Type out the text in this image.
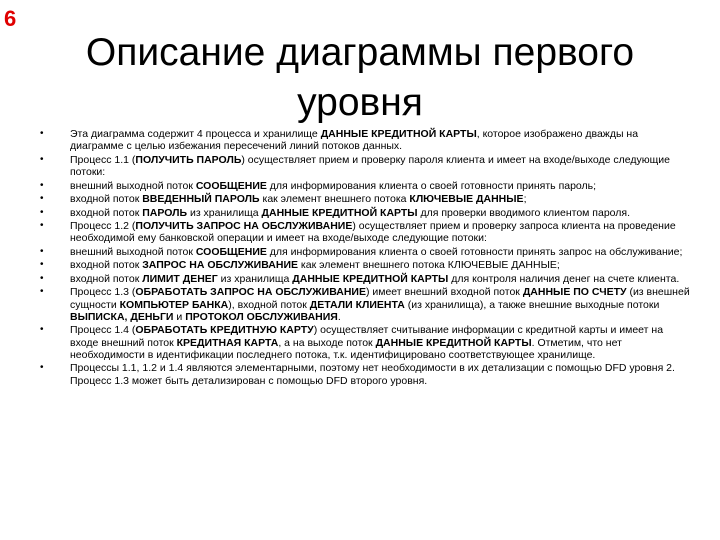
6
Описание диаграммы первого уровня
• Эта диаграмма содержит 4 процесса и хранилище ДАННЫЕ КРЕДИТНОЙ КАРТЫ, которое изображено дважды на диаграмме с целью избежания пересечений линий потоков данных.
• Процесс 1.1 (ПОЛУЧИТЬ ПАРОЛЬ) осуществляет прием и проверку пароля клиента и имеет на входе/выходе следующие потоки:
• внешний выходной поток СООБЩЕНИЕ для информирования клиента о своей готовности принять пароль;
• входной поток ВВЕДЕННЫЙ ПАРОЛЬ как элемент внешнего потока КЛЮЧЕВЫЕ ДАННЫЕ;
• входной поток ПАРОЛЬ из хранилища ДАННЫЕ КРЕДИТНОЙ КАРТЫ для проверки вводимого клиентом пароля.
• Процесс 1.2 (ПОЛУЧИТЬ ЗАПРОС НА ОБСЛУЖИВАНИЕ) осуществляет прием и проверку запроса клиента на проведение необходимой ему банковской операции и имеет на входе/выходе следующие потоки:
• внешний выходной поток СООБЩЕНИЕ для информирования клиента о своей готовности принять запрос на обслуживание;
• входной поток ЗАПРОС НА ОБСЛУЖИВАНИЕ как элемент внешнего потока КЛЮЧЕВЫЕ ДАННЫЕ;
• входной поток ЛИМИТ ДЕНЕГ из хранилища ДАННЫЕ КРЕДИТНОЙ КАРТЫ для контроля наличия денег на счете клиента.
• Процесс 1.3 (ОБРАБОТАТЬ ЗАПРОС НА ОБСЛУЖИВАНИЕ) имеет внешний входной поток ДАННЫЕ ПО СЧЕТУ (из внешней сущности КОМПЬЮТЕР БАНКА), входной поток ДЕТАЛИ КЛИЕНТА (из хранилища), а также внешние выходные потоки ВЫПИСКА, ДЕНЬГИ и ПРОТОКОЛ ОБСЛУЖИВАНИЯ.
• Процесс 1.4 (ОБРАБОТАТЬ КРЕДИТНУЮ КАРТУ) осуществляет считывание информации с кредитной карты и имеет на входе внешний поток КРЕДИТНАЯ КАРТА, а на выходе поток ДАННЫЕ КРЕДИТНОЙ КАРТЫ. Отметим, что нет необходимости в идентификации последнего потока, т.к. идентифицировано соответствующее хранилище.
• Процессы 1.1, 1.2 и 1.4 являются элементарными, поэтому нет необходимости в их детализации с помощью DFD уровня 2. Процесс 1.3 может быть детализирован с помощью DFD второго уровня.
